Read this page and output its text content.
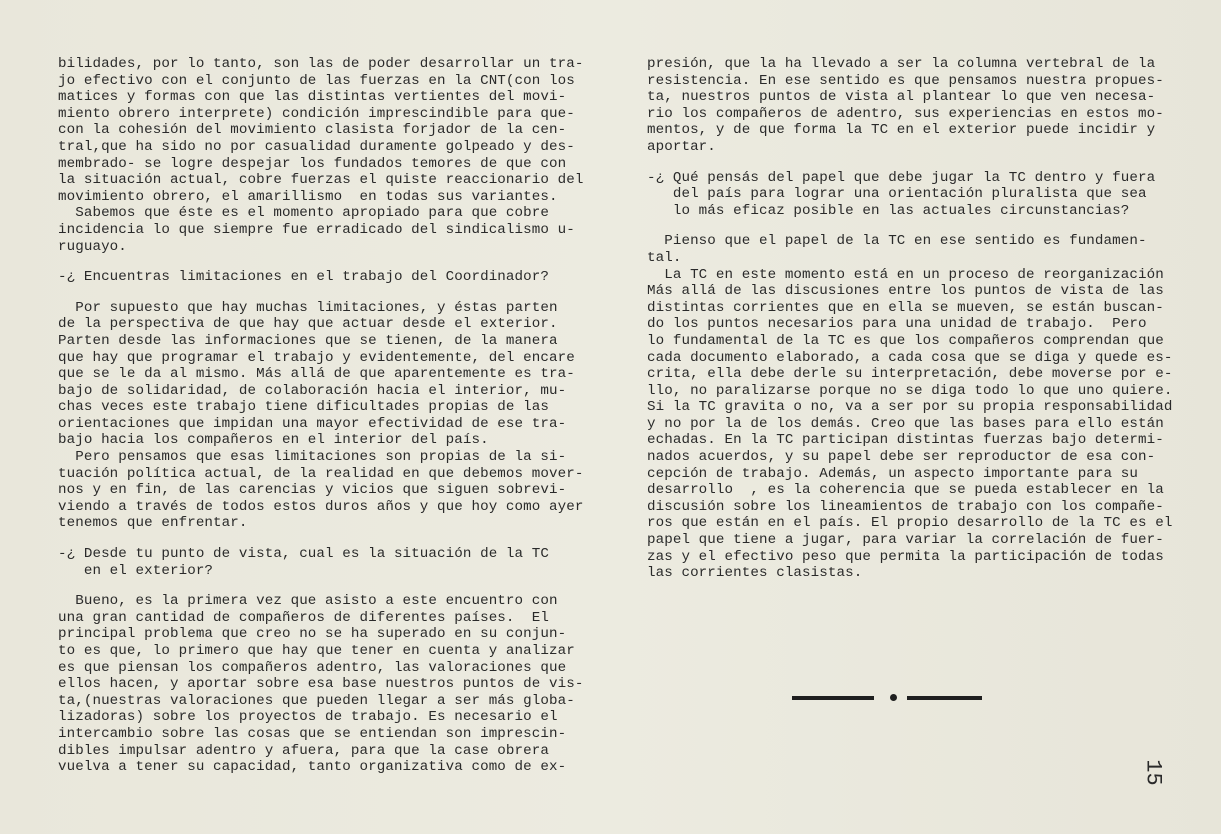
bilidades, por lo tanto, son las de poder desarrollar un tra-
jo efectivo con el conjunto de las fuerzas en la CNT(con los
matices y formas con que las distintas vertientes del movi-
miento obrero interprete) condición imprescindible para que-
con la cohesión del movimiento clasista forjador de la cen-
tral,que ha sido no por casualidad duramente golpeado y des-
membrado- se logre despejar los fundados temores de que con
la situación actual, cobre fuerzas el quiste reaccionario del
movimiento obrero, el amarillismo  en todas sus variantes.
Sabemos que éste es el momento apropiado para que cobre
incidencia lo que siempre fue erradicado del sindicalismo u-
ruguayo.
-¿ Encuentras limitaciones en el trabajo del Coordinador?
Por supuesto que hay muchas limitaciones, y éstas parten
de la perspectiva de que hay que actuar desde el exterior.
Parten desde las informaciones que se tienen, de la manera
que hay que programar el trabajo y evidentemente, del encare
que se le da al mismo. Más allá de que aparentemente es tra-
bajo de solidaridad, de colaboración hacia el interior, mu-
chas veces este trabajo tiene dificultades propias de las
orientaciones que impidan una mayor efectividad de ese tra-
bajo hacia los compañeros en el interior del país.
Pero pensamos que esas limitaciones son propias de la si-
tuación política actual, de la realidad en que debemos mover-
nos y en fin, de las carencias y vicios que siguen sobrevi-
viendo a través de todos estos duros años y que hoy como ayer
tenemos que enfrentar.
-¿ Desde tu punto de vista, cual es la situación de la TC
en el exterior?
Bueno, es la primera vez que asisto a este encuentro con
una gran cantidad de compañeros de diferentes países.  El
principal problema que creo no se ha superado en su conjun-
to es que, lo primero que hay que tener en cuenta y analizar
es que piensan los compañeros adentro, las valoraciones que
ellos hacen, y aportar sobre esa base nuestros puntos de vis-
ta,(nuestras valoraciones que pueden llegar a ser más globa-
lizadoras) sobre los proyectos de trabajo. Es necesario el
intercambio sobre las cosas que se entiendan son imprescin-
dibles impulsar adentro y afuera, para que la case obrera
vuelva a tener su capacidad, tanto organizativa como de ex-
presión, que la ha llevado a ser la columna vertebral de la
resistencia. En ese sentido es que pensamos nuestra propues-
ta, nuestros puntos de vista al plantear lo que ven necesa-
rio los compañeros de adentro, sus experiencias en estos mo-
mentos, y de que forma la TC en el exterior puede incidir y
aportar.
-¿ Qué pensás del papel que debe jugar la TC dentro y fuera
del país para lograr una orientación pluralista que sea
lo más eficaz posible en las actuales circunstancias?
Pienso que el papel de la TC en ese sentido es fundamen-
tal.
La TC en este momento está en un proceso de reorganización
Más allá de las discusiones entre los puntos de vista de las
distintas corrientes que en ella se mueven, se están buscan-
do los puntos necesarios para una unidad de trabajo.  Pero
lo fundamental de la TC es que los compañeros comprendan que
cada documento elaborado, a cada cosa que se diga y quede es-
crita, ella debe derle su interpretación, debe moverse por e-
llo, no paralizarse porque no se diga todo lo que uno quiere.
Si la TC gravita o no, va a ser por su propia responsabilidad
y no por la de los demás. Creo que las bases para ello están
echadas. En la TC participan distintas fuerzas bajo determi-
nados acuerdos, y su papel debe ser reproductor de esa con-
cepción de trabajo. Además, un aspecto importante para su
desarrollo  , es la coherencia que se pueda establecer en la
discusión sobre los lineamientos de trabajo con los compañe-
ros que están en el país. El propio desarrollo de la TC es el
papel que tiene a jugar, para variar la correlación de fuer-
zas y el efectivo peso que permita la participación de todas
las corrientes clasistas.
15
